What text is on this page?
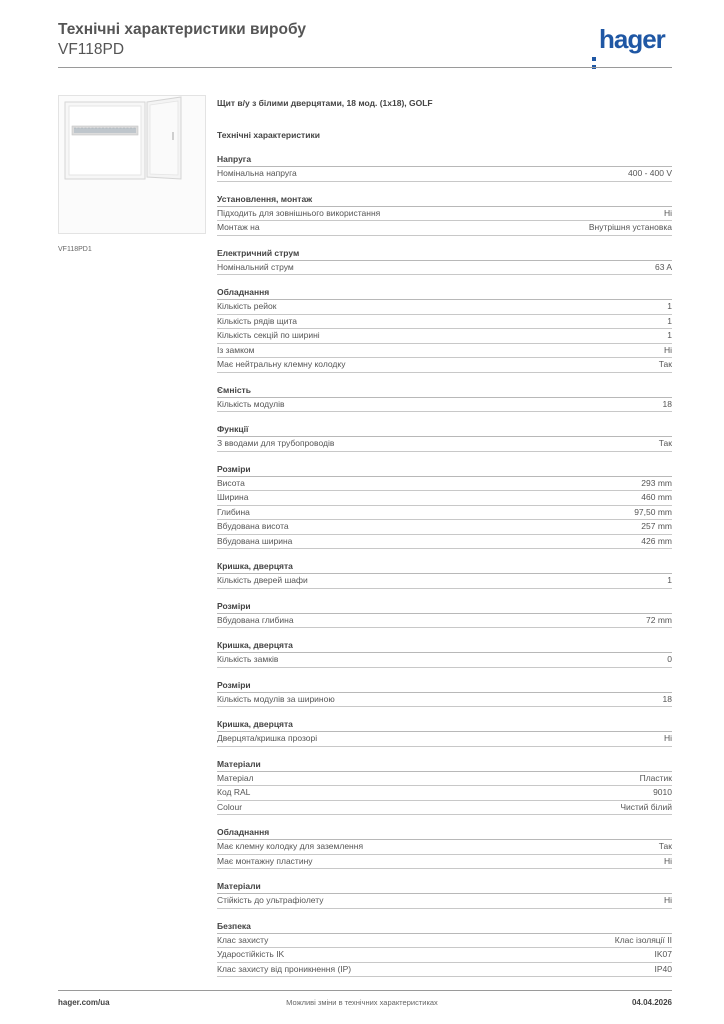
Технічні характеристики виробу
VF118PD	hager
VF118PD1
Щит в/у з білими дверцятами, 18 мод. (1х18), GOLF
Технічні характеристики
Напруга
Номінальна напруга	400 - 400 V
Установлення, монтаж
Підходить для зовнішнього використання	Ні
Монтаж на	Внутрішня установка
Електричний струм
Номінальний струм	63 A
Обладнання
Кількість рейок	1
Кількість рядів щита	1
Кількість секцій по ширині	1
Із замком	Ні
Має нейтральну клемну колодку	Так
Ємність
Кількість модулів	18
Функції
З вводами для трубопроводів	Так
Розміри
Висота	293 mm
Ширина	460 mm
Глибина	97,50 mm
Вбудована висота	257 mm
Вбудована ширина	426 mm
Кришка, дверцята
Кількість дверей шафи	1
Розміри
Вбудована глибина	72 mm
Кришка, дверцята
Кількість замків	0
Розміри
Кількість модулів за шириною	18
Кришка, дверцята
Дверцята/кришка прозорі	Ні
Матеріали
Матеріал	Пластик
Код RAL	9010
Colour	Чистий білий
Обладнання
Має клемну колодку для заземлення	Так
Має монтажну пластину	Ні
Матеріали
Стійкість до ультрафіолету	Ні
Безпека
Клас захисту	Клас ізоляції II
Ударостійкість IK	IK07
Клас захисту від проникнення (IP)	IP40
hager.com/ua	Можливі зміни в технічних характеристиках	04.04.2026
